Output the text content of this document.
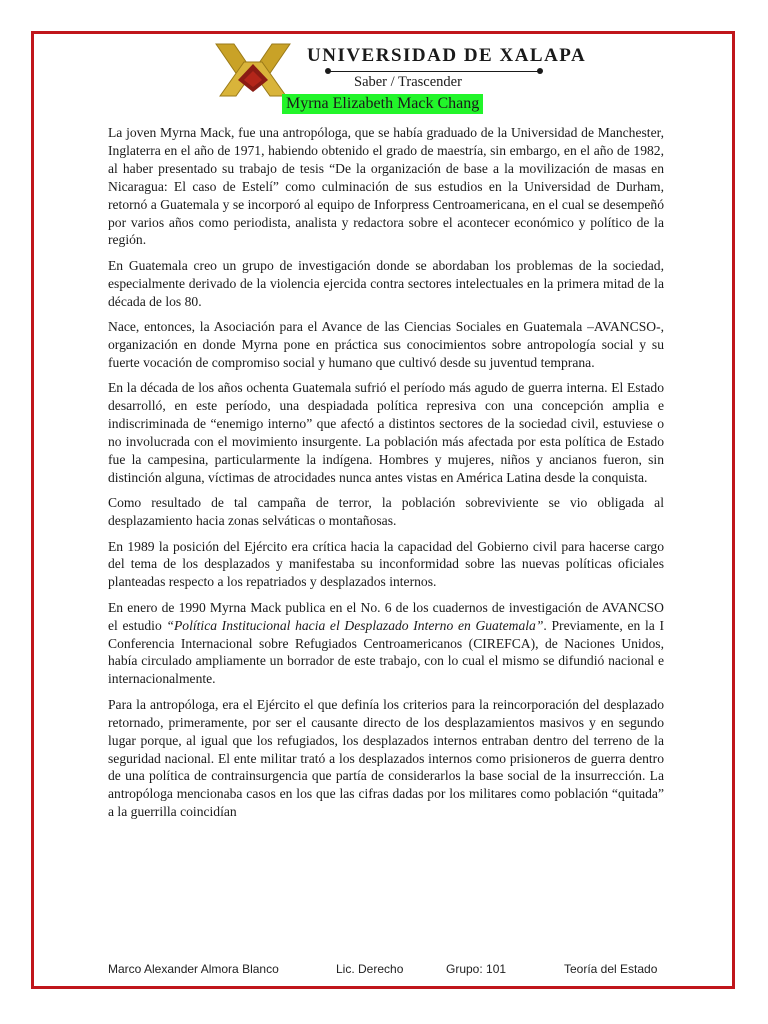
UNIVERSIDAD DE XALAPA
Saber / Trascender
Myrna Elizabeth Mack Chang

La joven Myrna Mack, fue una antropóloga, que se había graduado de la Universidad de Manchester, Inglaterra en el año de 1971, habiendo obtenido el grado de maestría, sin embargo, en el año de 1982, al haber presentado su trabajo de tesis “De la organización de base a la movilización de masas en Nicaragua: El caso de Estelí” como culminación de sus estudios en la Universidad de Durham, retornó a Guatemala y se incorporó al equipo de Inforpress Centroamericana, en el cual se desempeñó por varios años como periodista, analista y redactora sobre el acontecer económico y político de la región.

En Guatemala creo un grupo de investigación donde se abordaban los problemas de la sociedad, especialmente derivado de la violencia ejercida contra sectores intelectuales en la primera mitad de la década de los 80.

Nace, entonces, la Asociación para el Avance de las Ciencias Sociales en Guatemala –AVANCSO-, organización en donde Myrna pone en práctica sus conocimientos sobre antropología social y su fuerte vocación de compromiso social y humano que cultivó desde su juventud temprana.

En la década de los años ochenta Guatemala sufrió el período más agudo de guerra interna. El Estado desarrolló, en este período, una despiadada política represiva con una concepción amplia e indiscriminada de “enemigo interno” que afectó a distintos sectores de la sociedad civil, estuviese o no involucrada con el movimiento insurgente. La población más afectada por esta política de Estado fue la campesina, particularmente la indígena. Hombres y mujeres, niños y ancianos fueron, sin distinción alguna, víctimas de atrocidades nunca antes vistas en América Latina desde la conquista.

Como resultado de tal campaña de terror, la población sobreviviente se vio obligada al desplazamiento hacia zonas selváticas o montañosas.

En 1989 la posición del Ejército era crítica hacia la capacidad del Gobierno civil para hacerse cargo del tema de los desplazados y manifestaba su inconformidad sobre las nuevas políticas oficiales planteadas respecto a los repatriados y desplazados internos.

En enero de 1990 Myrna Mack publica en el No. 6 de los cuadernos de investigación de AVANCSO el estudio “Política Institucional hacia el Desplazado Interno en Guatemala”. Previamente, en la I Conferencia Internacional sobre Refugiados Centroamericanos (CIREFCA), de Naciones Unidos, había circulado ampliamente un borrador de este trabajo, con lo cual el mismo se difundió nacional e internacionalmente.

Para la antropóloga, era el Ejército el que definía los criterios para la reincorporación del desplazado retornado, primeramente, por ser el causante directo de los desplazamientos masivos y en segundo lugar porque, al igual que los refugiados, los desplazados internos entraban dentro del terreno de la seguridad nacional. El ente militar trató a los desplazados internos como prisioneros de guerra dentro de una política de contrainsurgencia que partía de considerarlos la base social de la insurrección. La antropóloga mencionaba casos en los que las cifras dadas por los militares como población “quitada” a la guerrilla coincidían

Marco Alexander Almora Blanco	Lic. Derecho	Grupo: 101	Teoría del Estado
